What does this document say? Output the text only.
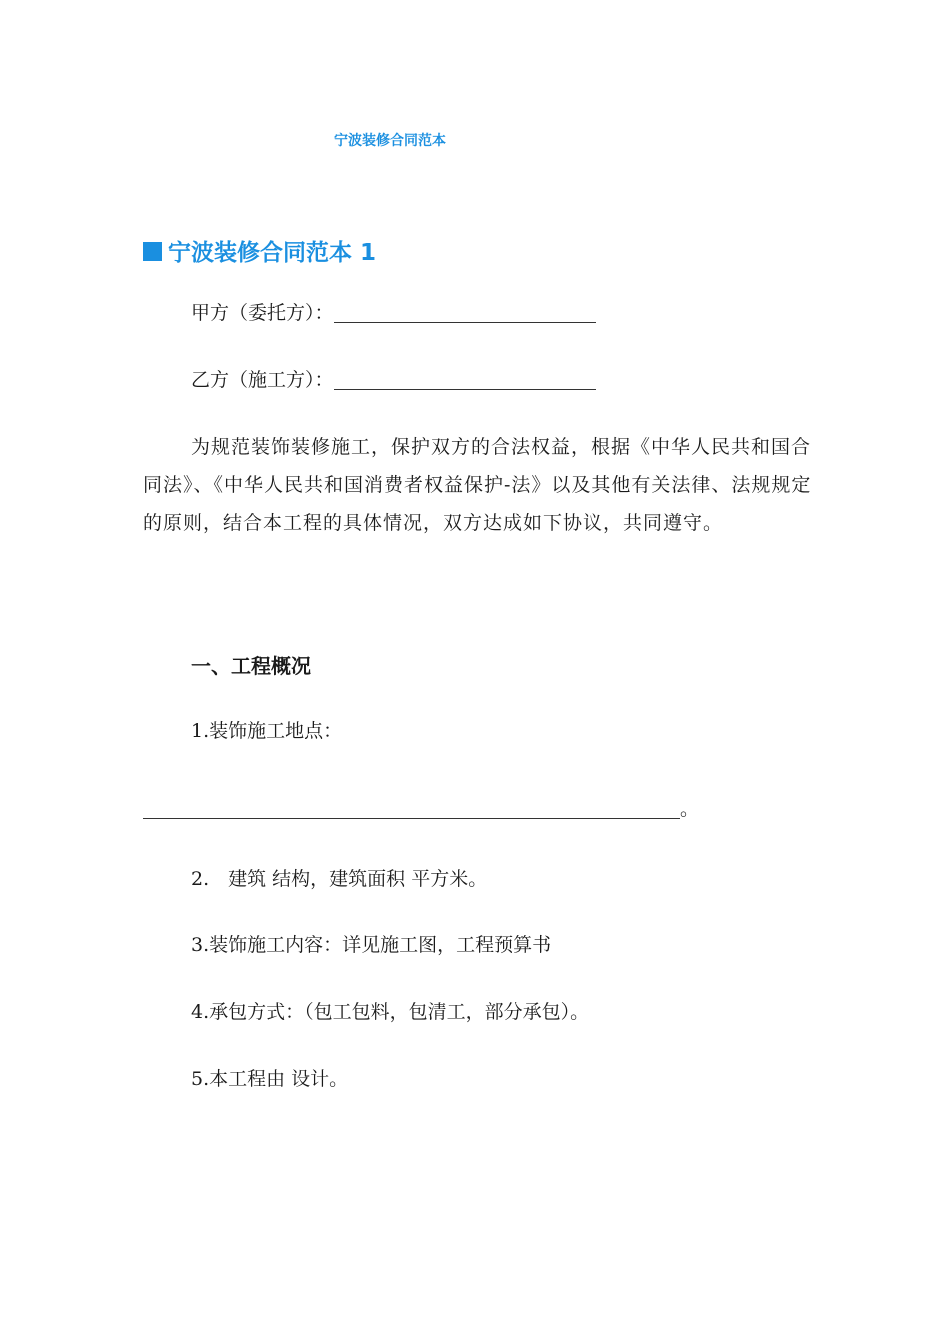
宁波装修合同范本
宁波装修合同范本 1
甲方（委托方）：
乙方（施工方）：
为规范装饰装修施工，保护双方的合法权益，根据《中华人民共和国合同法》、《中华人民共和国消费者权益保护-法》以及其他有关法律、法规规定的原则，结合本工程的具体情况，双方达成如下协议，共同遵守。
一、工程概况
1.装饰施工地点：
。
2.　建筑 结构，建筑面积 平方米。
3.装饰施工内容：详见施工图，工程预算书
4.承包方式：（包工包料，包清工，部分承包）。
5.本工程由 设计。
